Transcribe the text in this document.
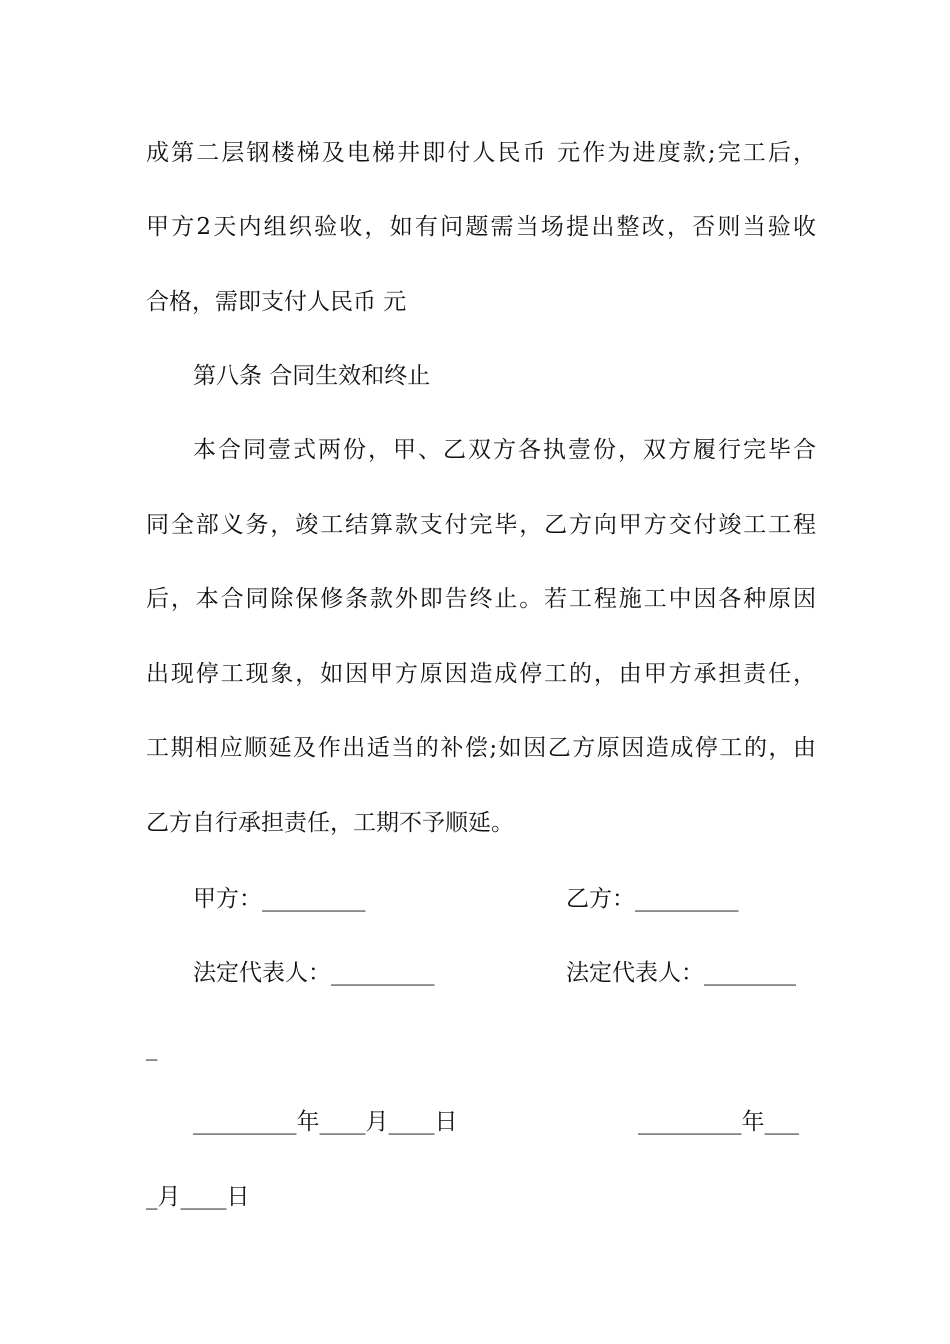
成第二层钢楼梯及电梯井即付人民币 元作为进度款;完工后，
甲方2天内组织验收，如有问题需当场提出整改，否则当验收
合格，需即支付人民币 元
第八条 合同生效和终止
本合同壹式两份，甲、乙双方各执壹份，双方履行完毕合
同全部义务，竣工结算款支付完毕，乙方向甲方交付竣工工程
后，本合同除保修条款外即告终止。若工程施工中因各种原因
出现停工现象，如因甲方原因造成停工的，由甲方承担责任，
工期相应顺延及作出适当的补偿;如因乙方原因造成停工的，由
乙方自行承担责任，工期不予顺延。
甲方：_________	乙方：_________
法定代表人：_________	法定代表人：________
_
_________年____月____日	_________年___
_月____日
